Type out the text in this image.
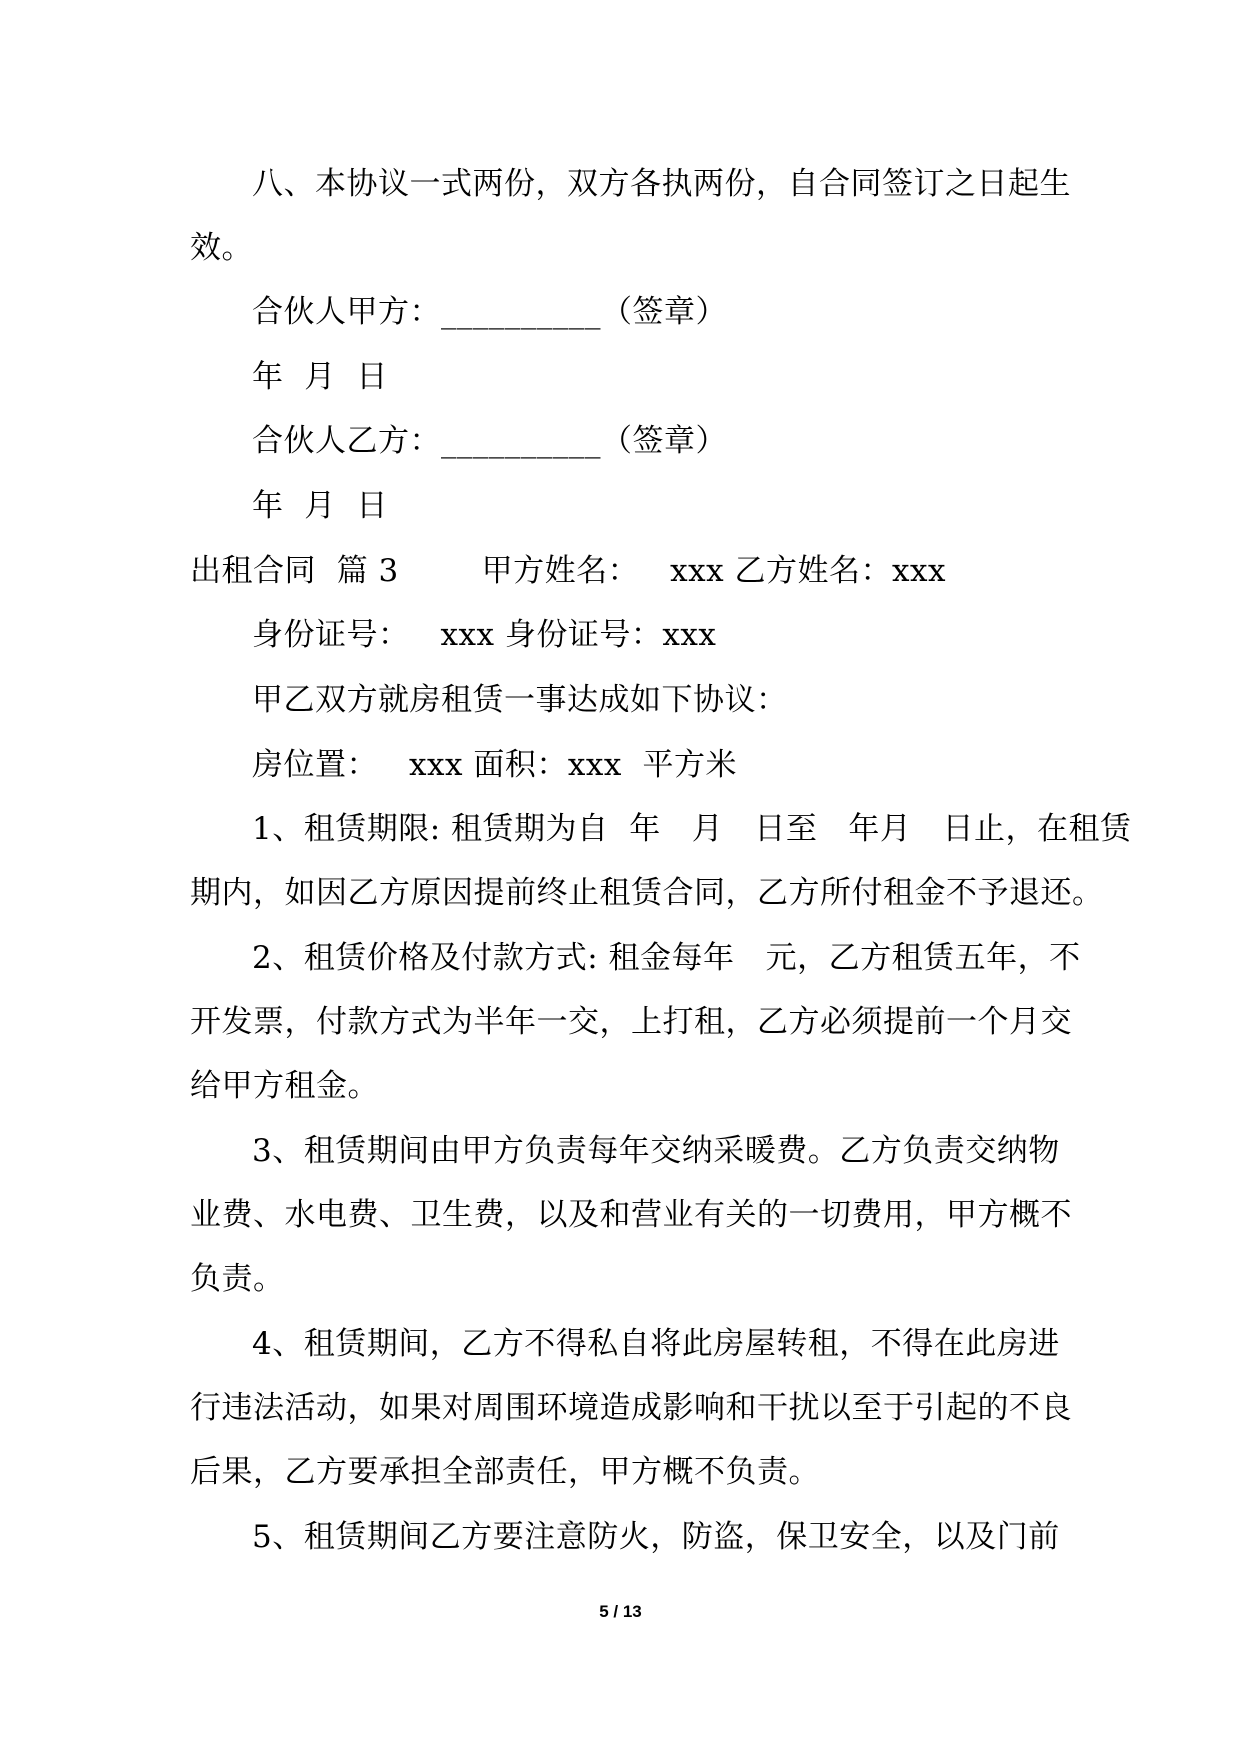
八、本协议一式两份，双方各执两份，自合同签订之日起生
效。
合伙人甲方：__________（签章）
年  月  日
合伙人乙方：__________（签章）
年  月  日
出租合同  篇 3        甲方姓名：   xxx 乙方姓名：xxx
身份证号：   xxx 身份证号：xxx
甲乙双方就房租赁一事达成如下协议：
房位置：   xxx 面积：xxx  平方米
1、租赁期限: 租赁期为自  年   月   日至   年月   日止，在租赁
期内，如因乙方原因提前终止租赁合同，乙方所付租金不予退还。
2、租赁价格及付款方式: 租金每年   元，乙方租赁五年，不
开发票，付款方式为半年一交，上打租，乙方必须提前一个月交
给甲方租金。
3、租赁期间由甲方负责每年交纳采暖费。乙方负责交纳物
业费、水电费、卫生费，以及和营业有关的一切费用，甲方概不
负责。
4、租赁期间，乙方不得私自将此房屋转租，不得在此房进
行违法活动，如果对周围环境造成影响和干扰以至于引起的不良
后果，乙方要承担全部责任，甲方概不负责。
5、租赁期间乙方要注意防火，防盗，保卫安全，以及门前
5 / 13
